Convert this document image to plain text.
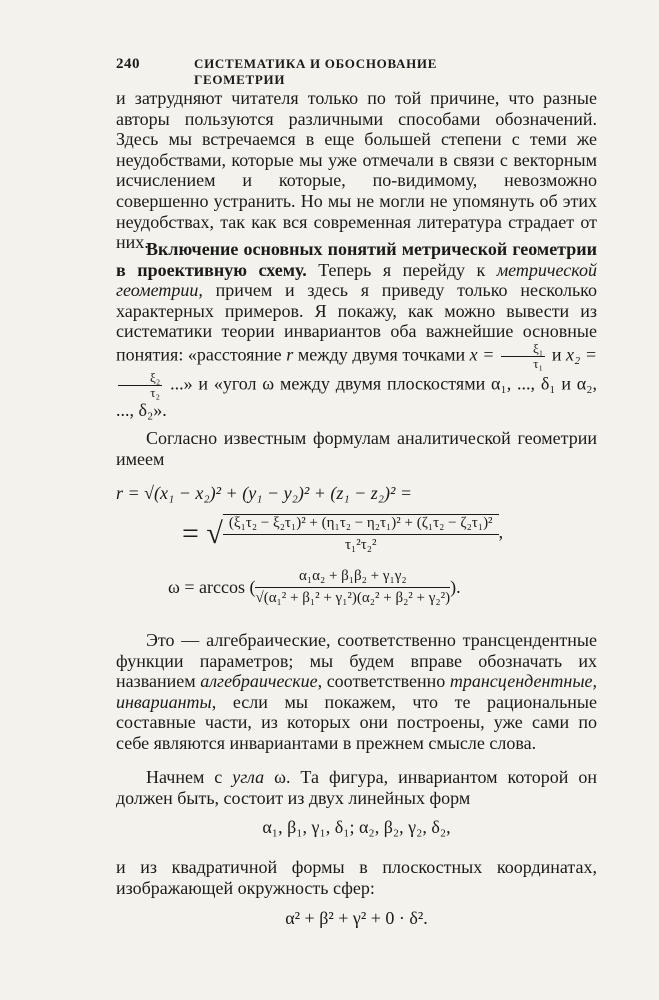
240	СИСТЕМАТИКА И ОБОСНОВАНИЕ ГЕОМЕТРИИ
и затрудняют читателя только по той причине, что разные авторы пользуются различными способами обозначений. Здесь мы встречаемся в еще большей степени с теми же неудобствами, которые мы уже отмечали в связи с векторным исчислением и которые, по-видимому, невозможно совершенно устранить. Но мы не могли не упомянуть об этих неудобствах, так как вся современная литература страдает от них.
Включение основных понятий метрической геометрии в проективную схему. Теперь я перейду к метрической геометрии, причем и здесь я приведу только несколько характерных примеров. Я покажу, как можно вывести из систематики теории инвариантов оба важнейшие основные понятия: «расстояние r между двумя точками $x = \frac{\text{ξ₁}}{\text{τ₁}}$ и x₂ =
$\frac{\text{ξ₂}}{\text{τ₂}}$ ...» и «угол ω между двумя плоскостями α₁, ..., δ₁ и α₂, ..., δ₂».
Согласно известным формулам аналитической геометрии имеем
r = √(x₁ − x₂)² + (y₁ − y₂)² + (z₁ − z₂)² =
= √ $\frac{\text{(ξ₁τ₂ − ξ₂τ₁)² + (η₁τ₂ − η₂τ₁)² + (ζ₁τ₂ − ζ₂τ₁)²}}{\text{τ₁²τ₂²}}$ ,
ω = arccos ( $\frac{\text{α₁α₂ + β₁β₂ + γ₁γ₂}}{\text{√(α₁² + β₁² + γ₁²)(α₂² + β₂² + γ₂²)}}$ ).
Это — алгебраические, соответственно трансцендентные функции параметров; мы будем вправе обозначать их названием алгебраические, соответственно трансцендентные, инварианты, если мы покажем, что те рациональные составные части, из которых они построены, уже сами по себе являются инвариантами в прежнем смысле слова.
Начнем с угла ω. Та фигура, инвариантом которой он должен быть, состоит из двух линейных форм
α₁, β₁, γ₁, δ₁; α₂, β₂, γ₂, δ₂,
и из квадратичной формы в плоскостных координатах, изображающей окружность сфер:
α² + β² + γ² + 0 · δ².
